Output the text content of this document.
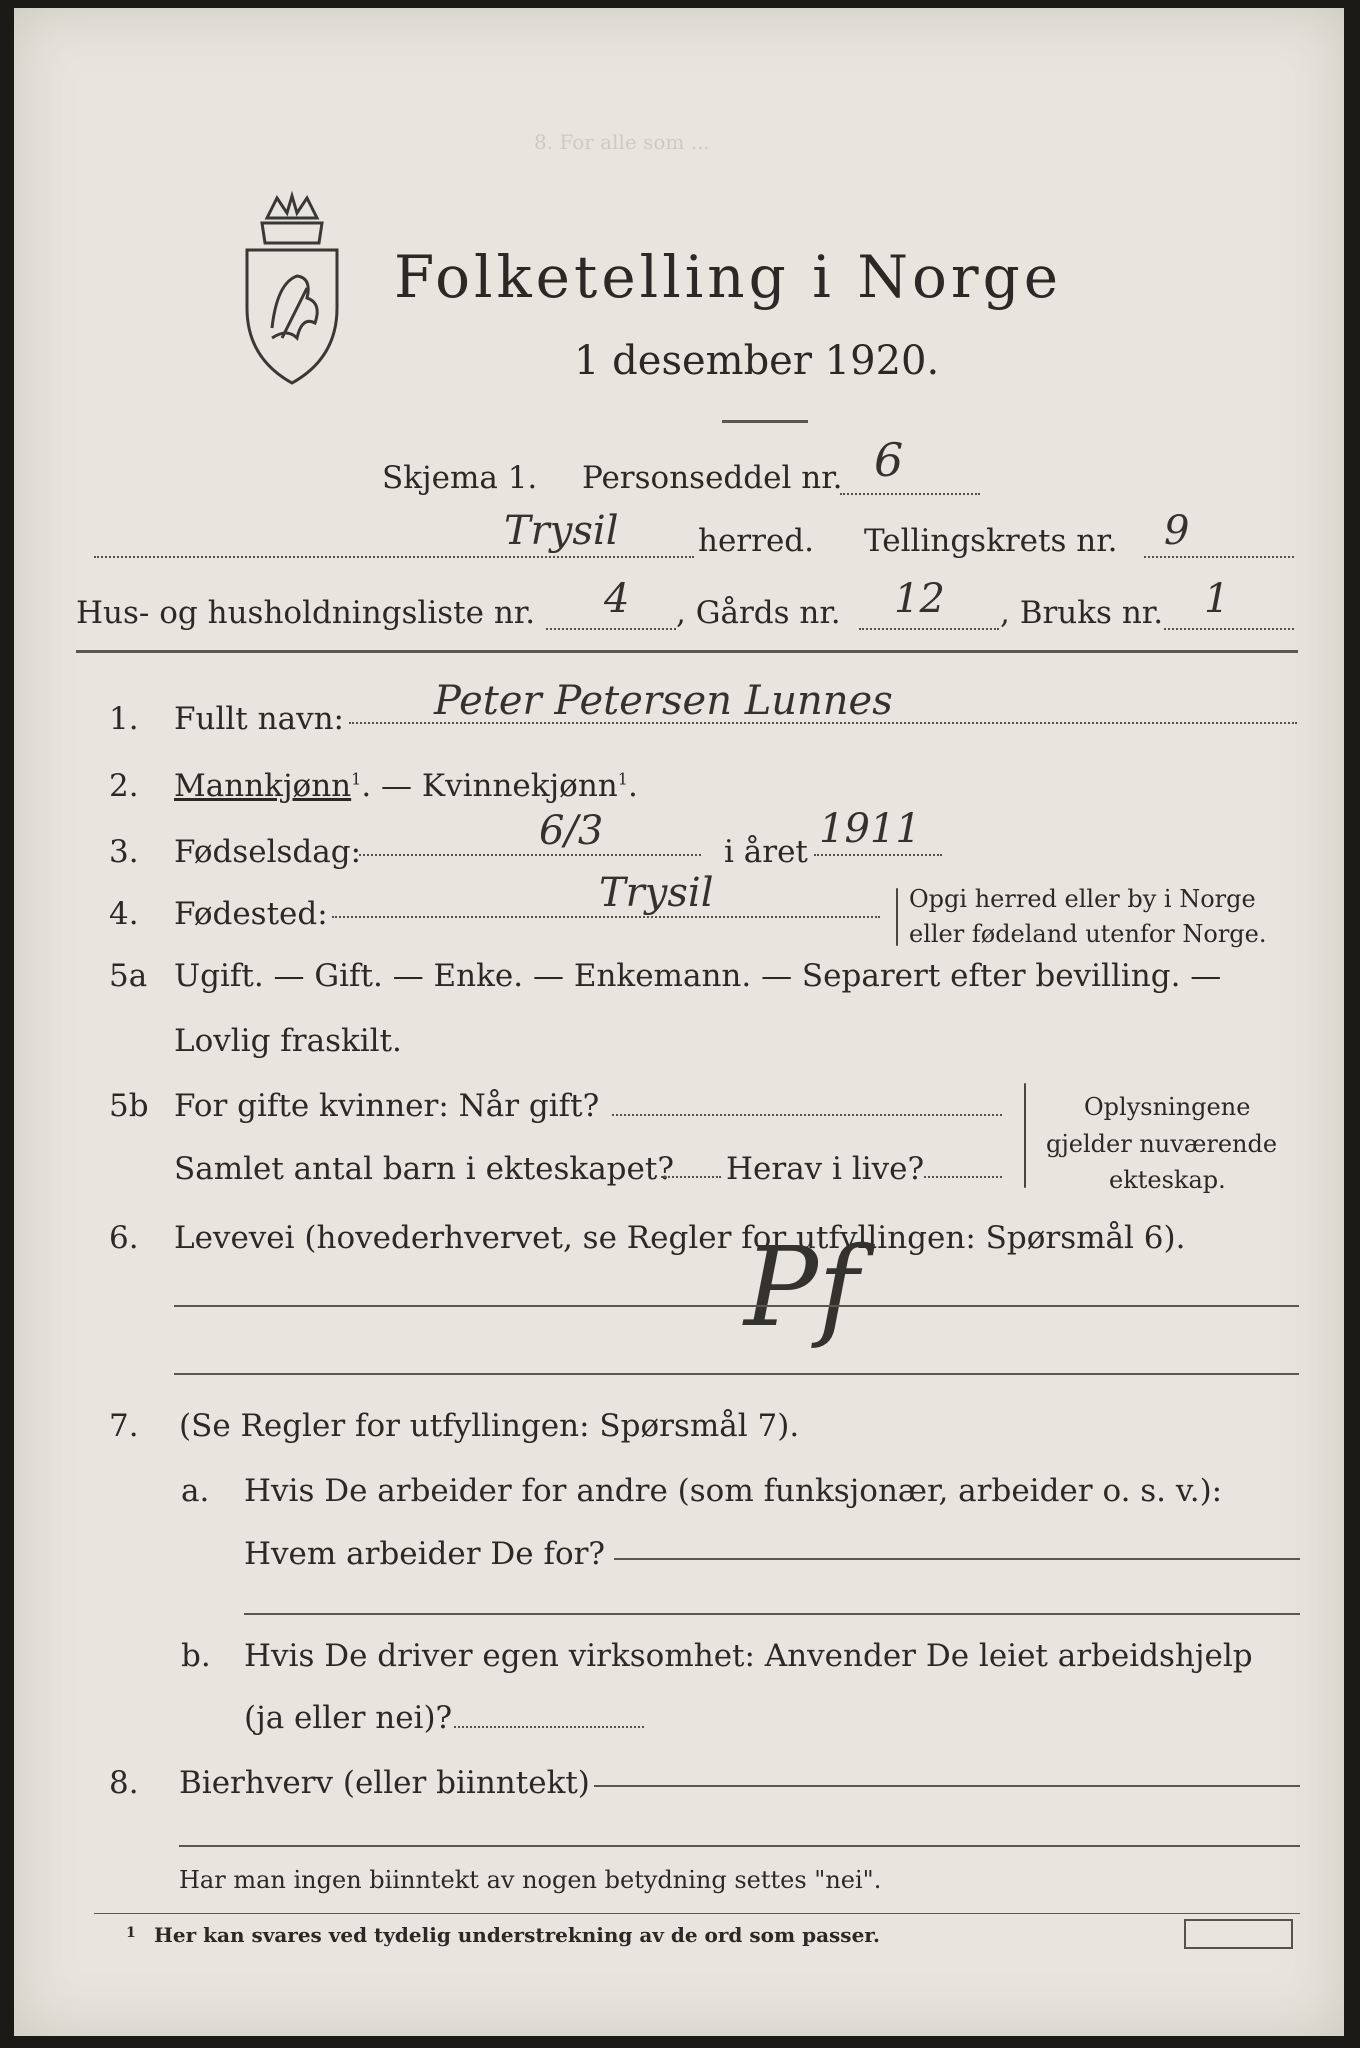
8. For alle som ...
Folketelling i Norge
1 desember 1920.
Skjema 1. Personseddel nr. 6
Trysil	herred. Tellingskrets nr. 9
Hus- og husholdningsliste nr. 4 , Gårds nr. 12 , Bruks nr. 1
1. Fullt navn: Peter Petersen Lunnes
2. Mannkjønn$^1$. — Kvinnekjønn$^1$.
3. Fødselsdag:	6/3	i året 1911
4. Fødested:	Trysil	Opgi herred eller by i Norge
eller fødeland utenfor Norge.
5a Ugift. — Gift. — Enke. — Enkemann. — Separert efter bevilling. —
Lovlig fraskilt.
5b For gifte kvinner: Når gift?
Samlet antal barn i ekteskapet? Herav i live?
Oplysningene
gjelder nuværende
ekteskap.
6. Levevei (hovederhvervet, se Regler for utfyllingen: Spørsmål 6).
Pf
7. (Se Regler for utfyllingen: Spørsmål 7).
a. Hvis De arbeider for andre (som funksjonær, arbeider o. s. v.):
Hvem arbeider De for?
b. Hvis De driver egen virksomhet: Anvender De leiet arbeidshjelp
(ja eller nei)?
8. Bierhverv (eller biinntekt)
Har man ingen biinntekt av nogen betydning settes "nei".
1 Her kan svares ved tydelig understrekning av de ord som passer.
